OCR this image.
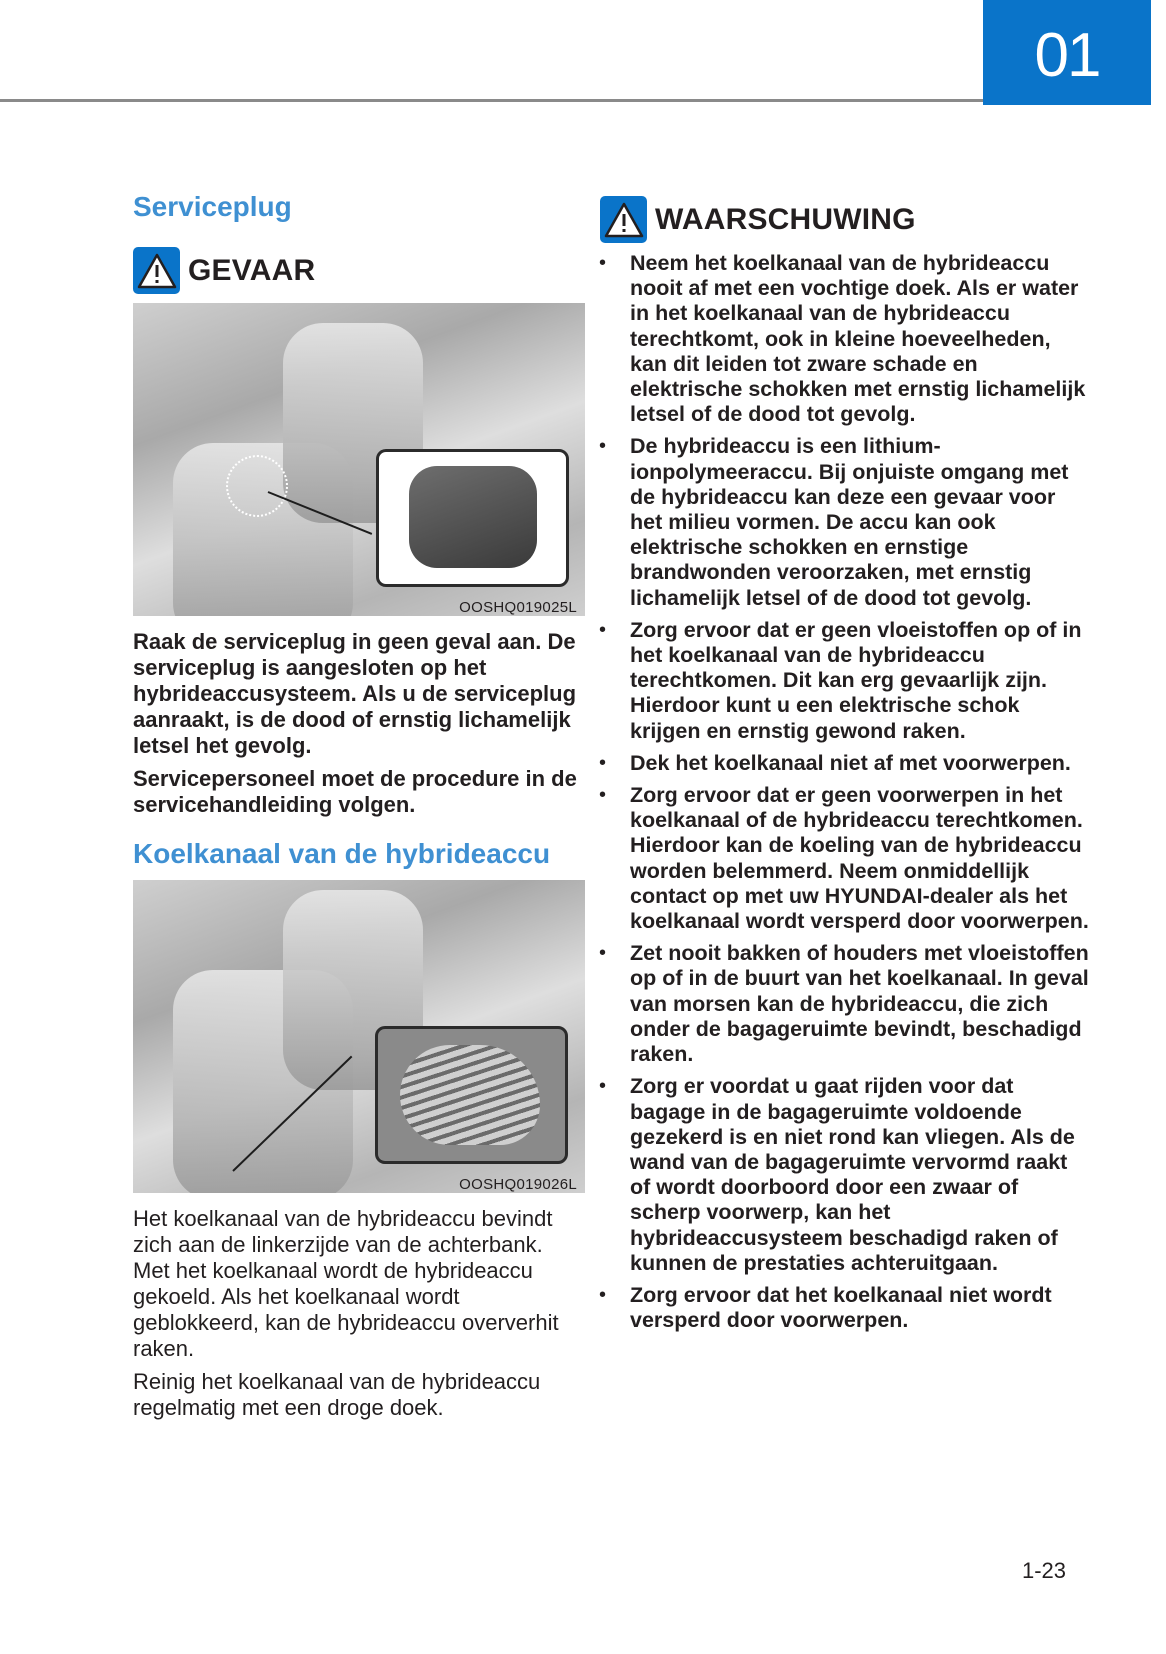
01
Serviceplug
GEVAAR
OOSHQ019025L

Raak de serviceplug in geen geval aan. De serviceplug is aangesloten op het hybrideaccusysteem. Als u de serviceplug aanraakt, is de dood of ernstig lichamelijk letsel het gevolg.

Servicepersoneel moet de procedure in de servicehandleiding volgen.

Koelkanaal van de hybrideaccu
OOSHQ019026L

Het koelkanaal van de hybrideaccu bevindt zich aan de linkerzijde van de achterbank. Met het koelkanaal wordt de hybrideaccu gekoeld. Als het koelkanaal wordt geblokkeerd, kan de hybrideaccu oververhit raken.

Reinig het koelkanaal van de hybrideaccu regelmatig met een droge doek.

WAARSCHUWING
• Neem het koelkanaal van de hybrideaccu nooit af met een vochtige doek. Als er water in het koelkanaal van de hybrideaccu terechtkomt, ook in kleine hoeveelheden, kan dit leiden tot zware schade en elektrische schokken met ernstig lichamelijk letsel of de dood tot gevolg.
• De hybrideaccu is een lithium-ionpolymeeraccu. Bij onjuiste omgang met de hybrideaccu kan deze een gevaar voor het milieu vormen. De accu kan ook elektrische schokken en ernstige brandwonden veroorzaken, met ernstig lichamelijk letsel of de dood tot gevolg.
• Zorg ervoor dat er geen vloeistoffen op of in het koelkanaal van de hybrideaccu terechtkomen. Dit kan erg gevaarlijk zijn. Hierdoor kunt u een elektrische schok krijgen en ernstig gewond raken.
• Dek het koelkanaal niet af met voorwerpen.
• Zorg ervoor dat er geen voorwerpen in het koelkanaal of de hybrideaccu terechtkomen. Hierdoor kan de koeling van de hybrideaccu worden belemmerd. Neem onmiddellijk contact op met uw HYUNDAI-dealer als het koelkanaal wordt versperd door voorwerpen.
• Zet nooit bakken of houders met vloeistoffen op of in de buurt van het koelkanaal. In geval van morsen kan de hybrideaccu, die zich onder de bagageruimte bevindt, beschadigd raken.
• Zorg er voordat u gaat rijden voor dat bagage in de bagageruimte voldoende gezekerd is en niet rond kan vliegen. Als de wand van de bagageruimte vervormd raakt of wordt doorboord door een zwaar of scherp voorwerp, kan het hybrideaccusysteem beschadigd raken of kunnen de prestaties achteruitgaan.
• Zorg ervoor dat het koelkanaal niet wordt versperd door voorwerpen.
1-23
